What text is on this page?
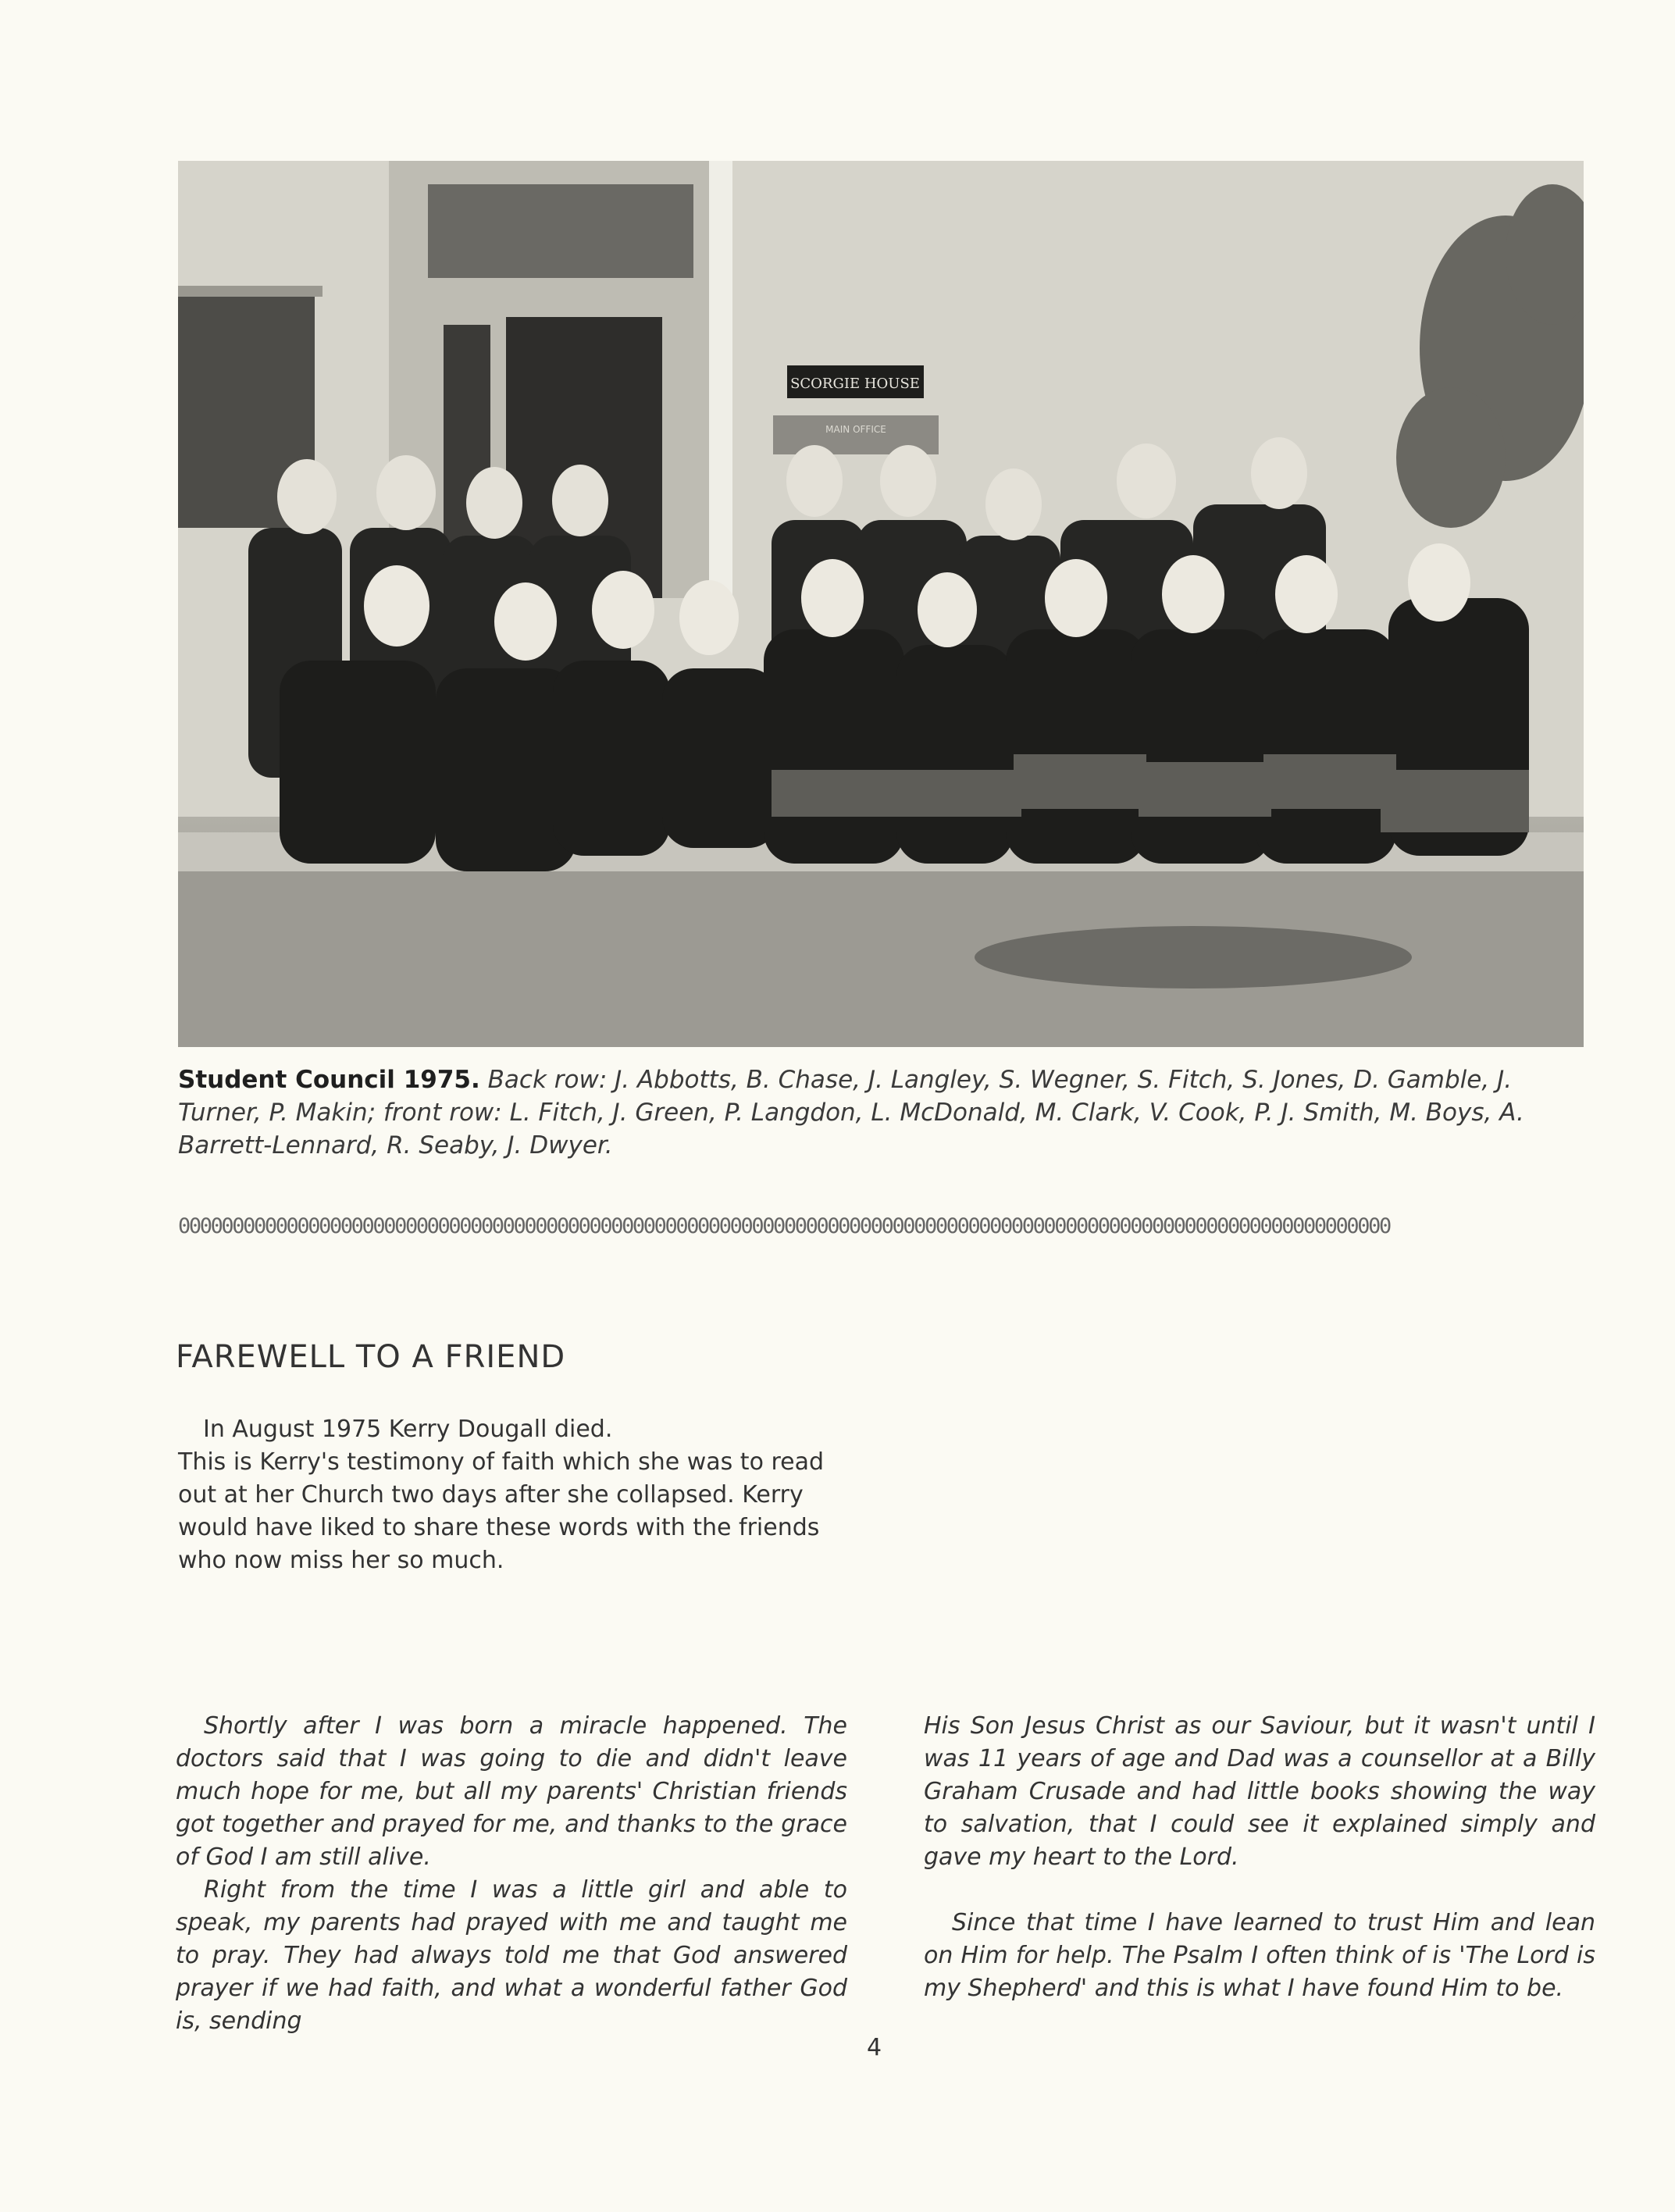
SCORGIE HOUSE
MAIN OFFICE
Student Council 1975. Back row: J. Abbotts, B. Chase, J. Langley, S. Wegner, S. Fitch, S. Jones, D. Gamble, J. Turner, P. Makin; front row: L. Fitch, J. Green, P. Langdon, L. McDonald, M. Clark, V. Cook, P. J. Smith, M. Boys, A. Barrett-Lennard, R. Seaby, J. Dwyer.
0000000000000000000000000000000000000000000000000000000000000000000000000000000000000000000000000000000000000000
FAREWELL TO A FRIEND

In August 1975 Kerry Dougall died.

This is Kerry's testimony of faith which she was to read out at her Church two days after she collapsed. Kerry would have liked to share these words with the friends who now miss her so much.

Shortly after I was born a miracle happened. The doctors said that I was going to die and didn't leave much hope for me, but all my parents' Christian friends got together and prayed for me, and thanks to the grace of God I am still alive.

Right from the time I was a little girl and able to speak, my parents had prayed with me and taught me to pray. They had always told me that God answered prayer if we had faith, and what a wonderful father God is, sending

His Son Jesus Christ as our Saviour, but it wasn't until I was 11 years of age and Dad was a counsellor at a Billy Graham Crusade and had little books showing the way to salvation, that I could see it explained simply and gave my heart to the Lord.

Since that time I have learned to trust Him and lean on Him for help. The Psalm I often think of is 'The Lord is my Shepherd' and this is what I have found Him to be.

4
